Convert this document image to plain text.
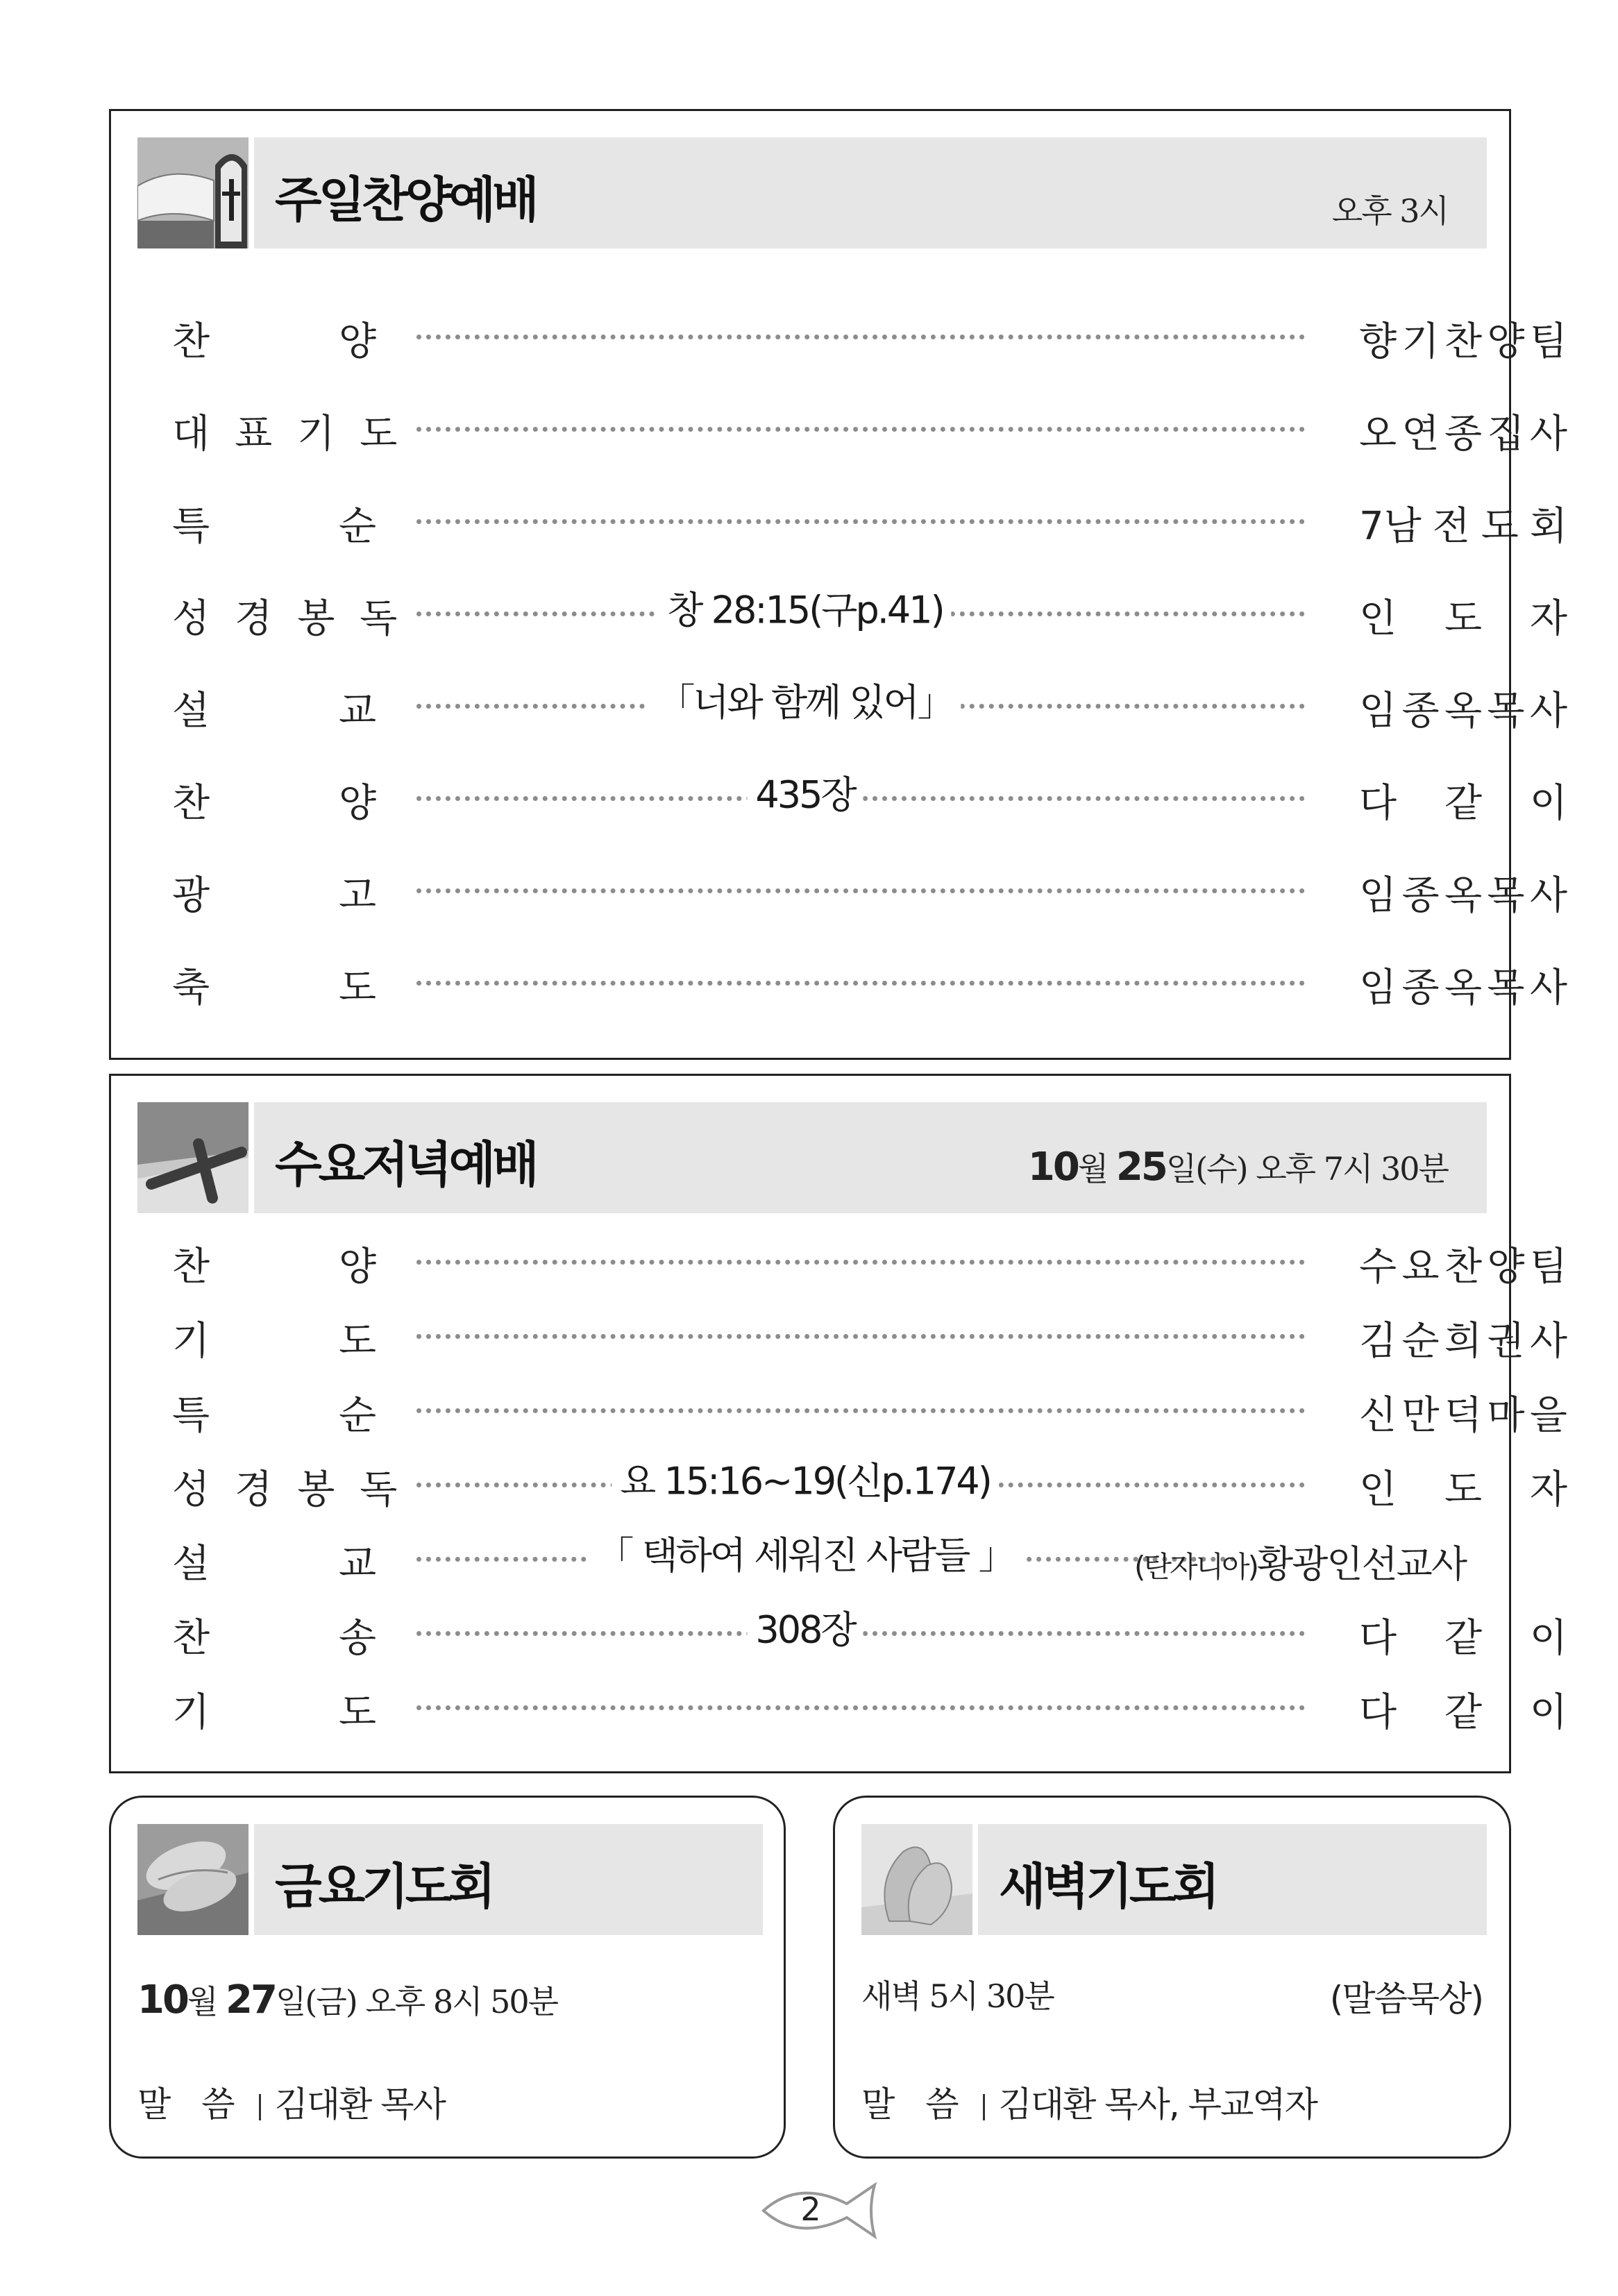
주일찬양예배	오후 3시
찬	양	향 기 찬 양 팀
대표기도	오 연 종 집 사
특	순	7남 전 도 회
성경봉독	창 28:15(구p.41)	인 도 자
설	교	「너와 함께 있어」	임 종 옥 목 사
찬	양	435장	다 같 이
광	고	임 종 옥 목 사
축	도	임 종 옥 목 사
수요저녁예배	10월 25일(수) 오후 7시 30분
찬	양	수 요 찬 양 팀
기	도	김 순 희 권 사
특	순	신 만 덕 마 을
성경봉독	요 15:16~19(신p.174)	인 도 자
설	교	「 택하여 세워진 사람들 」	(탄자니아)황광인선교사
찬	송	308장	다 같 이
기	도	다 같 이
금요기도회
10월 27일(금) 오후 8시 50분
말 씀 김대환 목사
새벽기도회
새벽 5시 30분	(말씀묵상)
말 씀 김대환 목사, 부교역자
2
